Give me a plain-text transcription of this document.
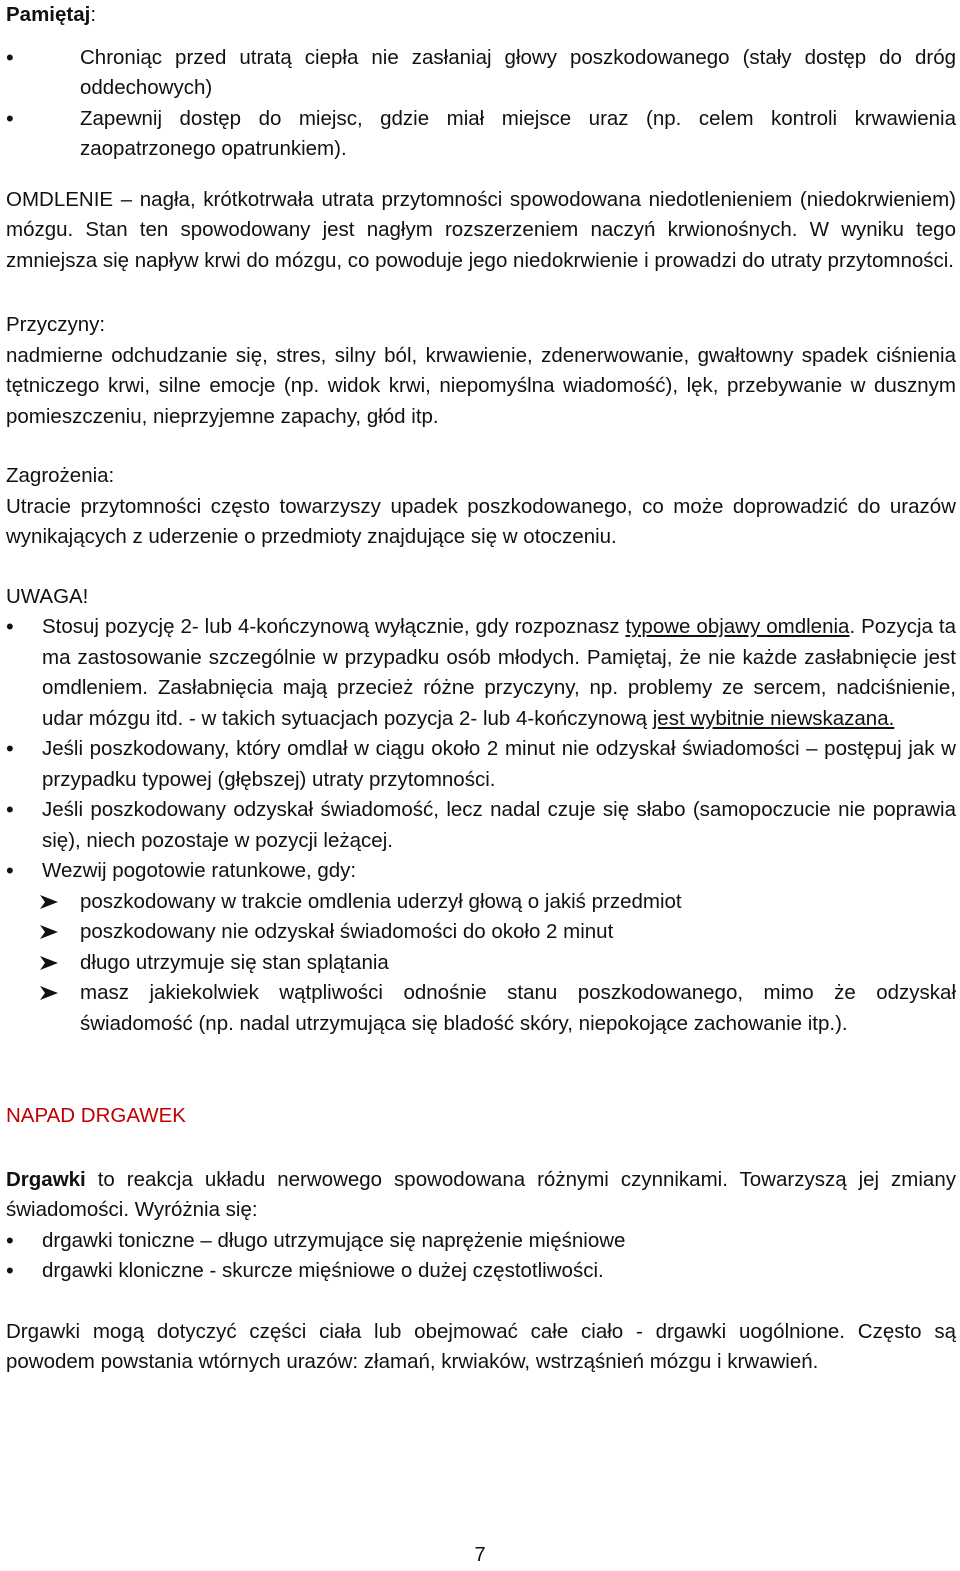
Pamiętaj:

• Chroniąc przed utratą ciepła nie zasłaniaj głowy poszkodowanego (stały dostęp do dróg oddechowych)
• Zapewnij dostęp do miejsc, gdzie miał miejsce uraz (np. celem kontroli krwawienia zaopatrzonego opatrunkiem).

OMDLENIE – nagła, krótkotrwała utrata przytomności spowodowana niedotlenieniem (niedokrwieniem) mózgu. Stan ten spowodowany jest nagłym rozszerzeniem naczyń krwionośnych. W wyniku tego zmniejsza się napływ krwi do mózgu, co powoduje jego niedokrwienie i prowadzi do utraty przytomności.

Przyczyny:

nadmierne odchudzanie się, stres, silny ból, krwawienie, zdenerwowanie, gwałtowny spadek ciśnienia tętniczego krwi, silne emocje (np. widok krwi, niepomyślna wiadomość), lęk, przebywanie w dusznym pomieszczeniu, nieprzyjemne zapachy, głód itp.

Zagrożenia:

Utracie przytomności często towarzyszy upadek poszkodowanego, co może doprowadzić do urazów wynikających z uderzenie o przedmioty znajdujące się w otoczeniu.

UWAGA!

• Stosuj pozycję 2- lub 4-kończynową wyłącznie, gdy rozpoznasz typowe objawy omdlenia. Pozycja ta ma zastosowanie szczególnie w przypadku osób młodych. Pamiętaj, że nie każde zasłabnięcie jest omdleniem. Zasłabnięcia mają przecież różne przyczyny, np. problemy ze sercem, nadciśnienie, udar mózgu itd. - w takich sytuacjach pozycja 2- lub 4-kończynową jest wybitnie niewskazana.
• Jeśli poszkodowany, który omdlał w ciągu około 2 minut nie odzyskał świadomości – postępuj jak w przypadku typowej (głębszej) utraty przytomności.
• Jeśli poszkodowany odzyskał świadomość, lecz nadal czuje się słabo (samopoczucie nie poprawia się), niech pozostaje w pozycji leżącej.
• Wezwij pogotowie ratunkowe, gdy:
poszkodowany w trakcie omdlenia uderzył głową o jakiś przedmiot
poszkodowany nie odzyskał świadomości do około 2 minut
długo utrzymuje się stan splątania
masz jakiekolwiek wątpliwości odnośnie stanu poszkodowanego, mimo że odzyskał świadomość (np. nadal utrzymująca się bladość skóry, niepokojące zachowanie itp.).

NAPAD DRGAWEK

Drgawki to reakcja układu nerwowego spowodowana różnymi czynnikami. Towarzyszą jej zmiany świadomości. Wyróżnia się:

• drgawki toniczne – długo utrzymujące się naprężenie mięśniowe
• drgawki kloniczne - skurcze mięśniowe o dużej częstotliwości.

Drgawki mogą dotyczyć części ciała lub obejmować całe ciało - drgawki uogólnione. Często są powodem powstania wtórnych urazów: złamań, krwiaków, wstrząśnień mózgu i krwawień.

7
